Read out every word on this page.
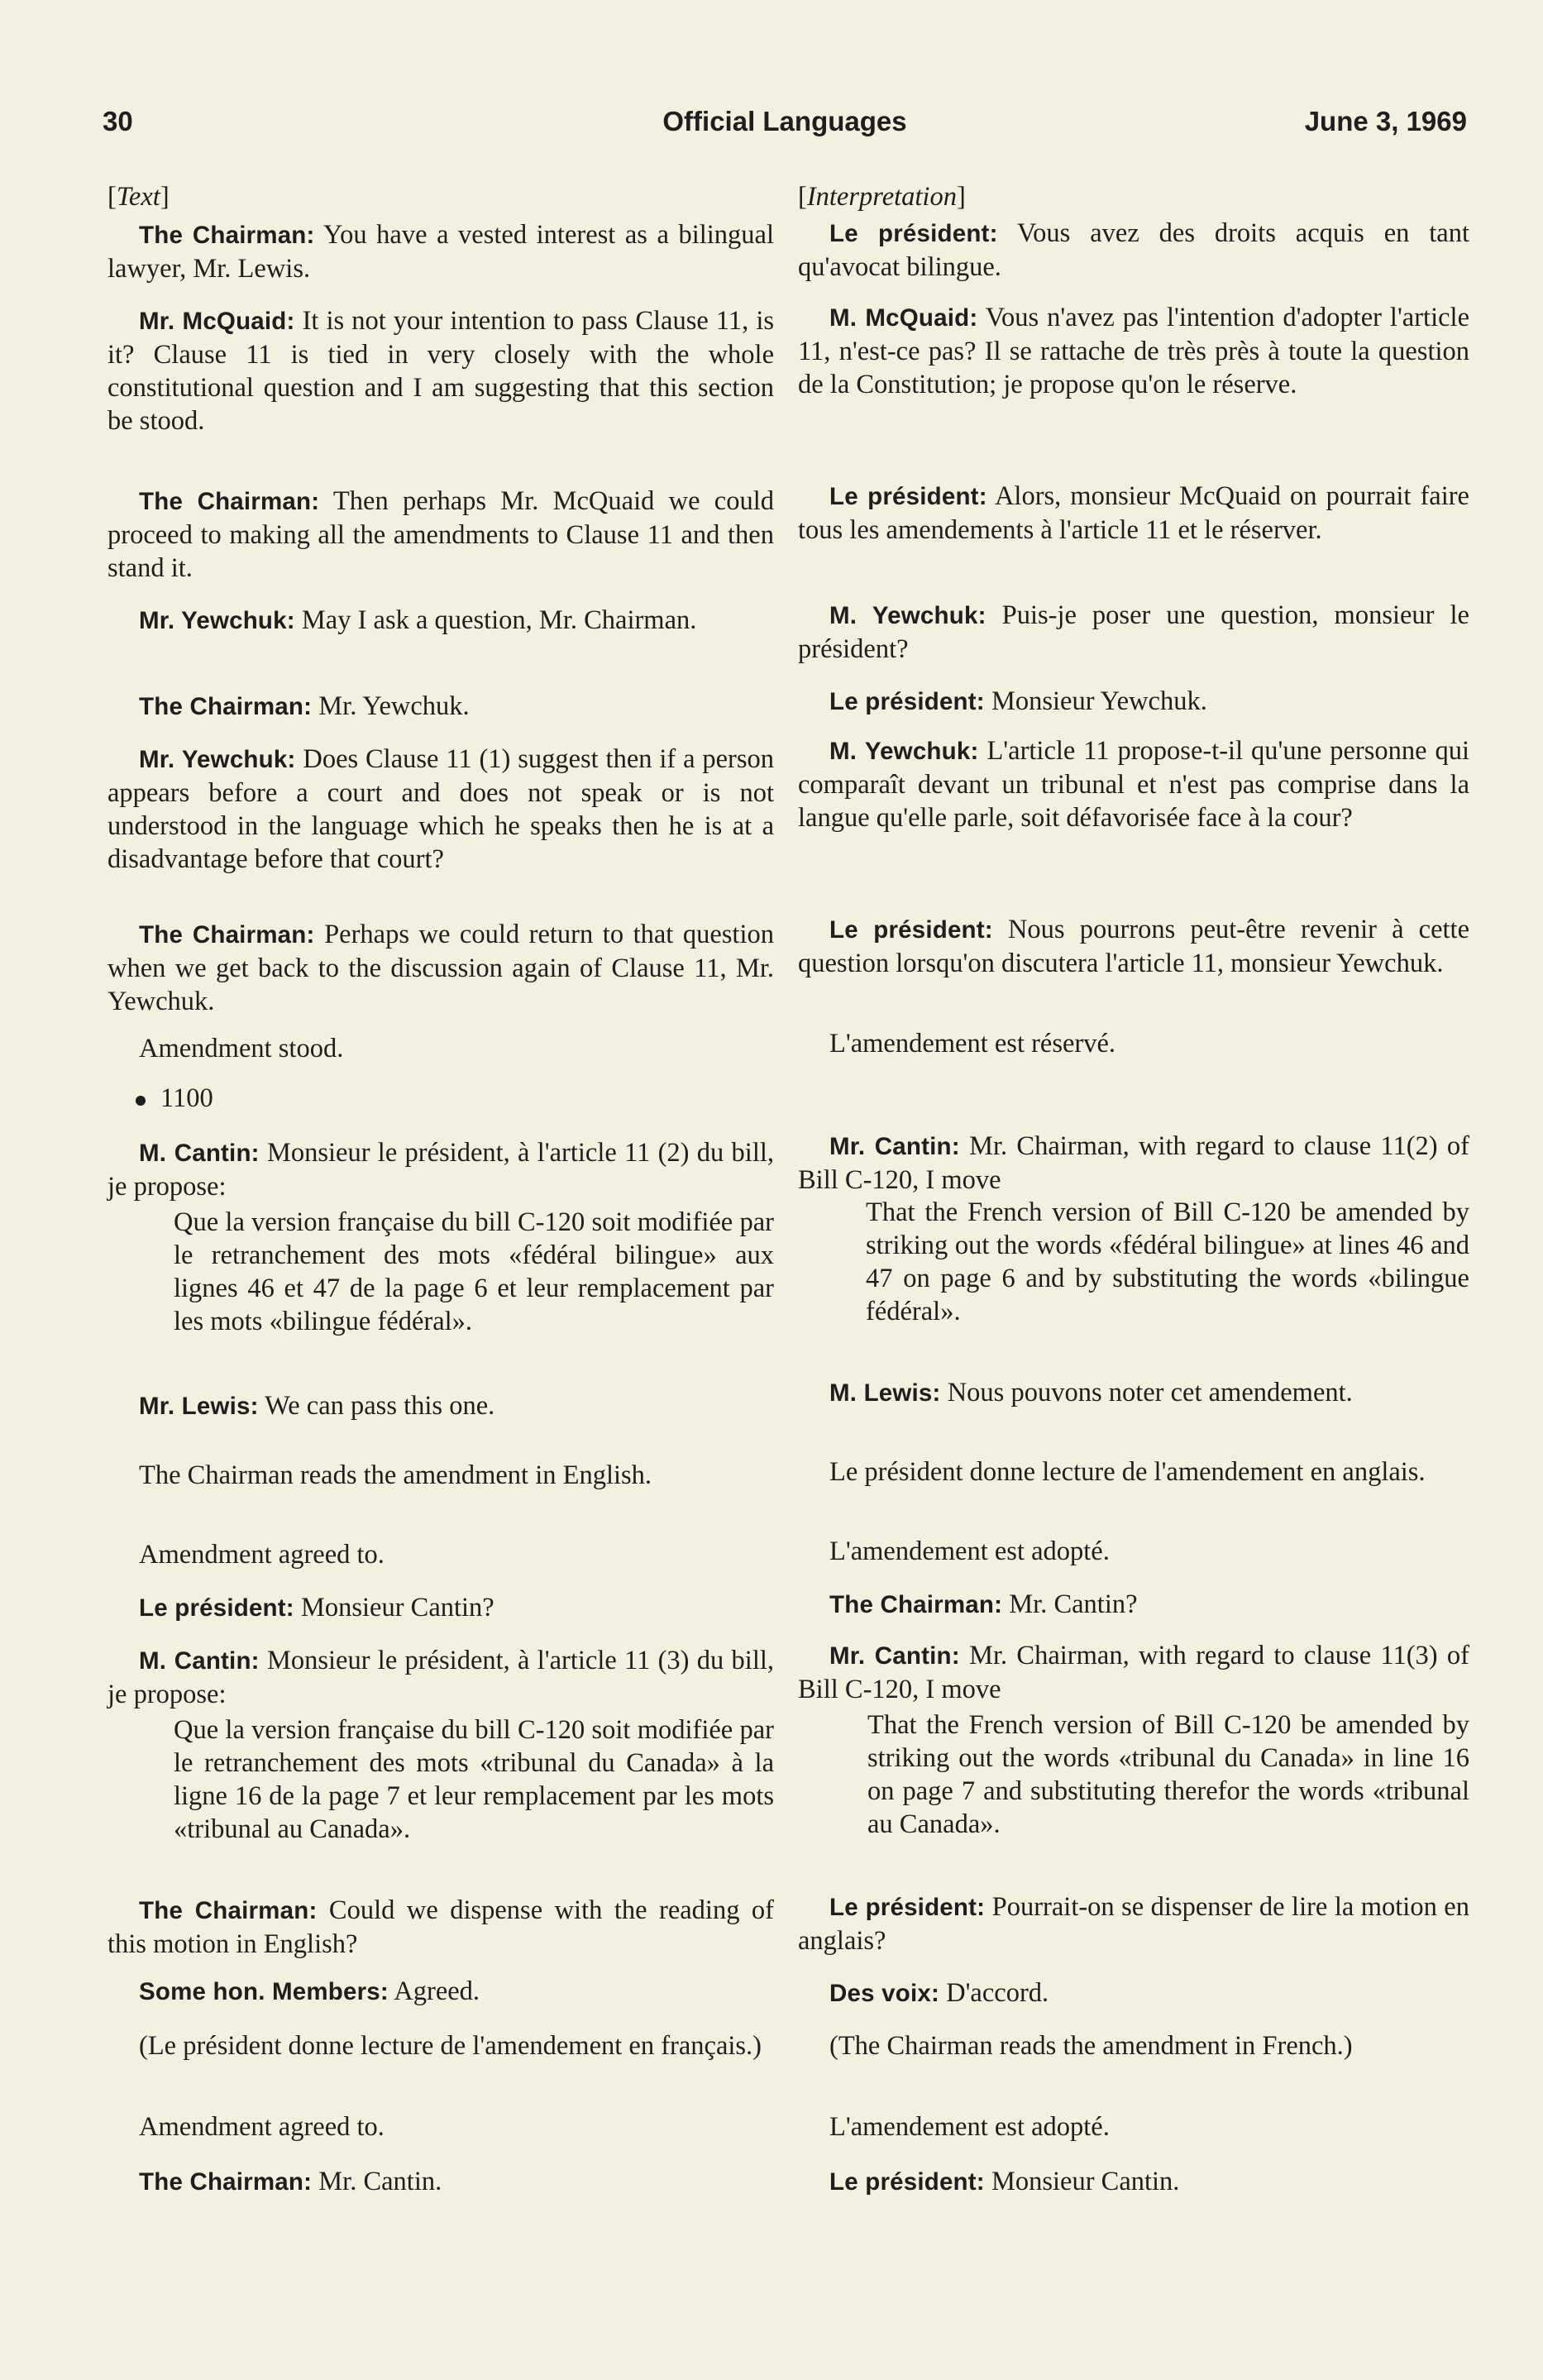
30	Official Languages	June 3, 1969

[Text]

The Chairman: You have a vested interest as a bilingual lawyer, Mr. Lewis.

Mr. McQuaid: It is not your intention to pass Clause 11, is it? Clause 11 is tied in very closely with the whole constitutional question and I am suggesting that this section be stood.

The Chairman: Then perhaps Mr. McQuaid we could proceed to making all the amendments to Clause 11 and then stand it.

Mr. Yewchuk: May I ask a question, Mr. Chairman.

The Chairman: Mr. Yewchuk.

Mr. Yewchuk: Does Clause 11 (1) suggest then if a person appears before a court and does not speak or is not understood in the language which he speaks then he is at a disadvantage before that court?

The Chairman: Perhaps we could return to that question when we get back to the discussion again of Clause 11, Mr. Yewchuk.

Amendment stood.

1100

M. Cantin: Monsieur le président, à l'article 11 (2) du bill, je propose:

Que la version française du bill C-120 soit modifiée par le retranchement des mots «fédéral bilingue» aux lignes 46 et 47 de la page 6 et leur remplacement par les mots «bilingue fédéral».

Mr. Lewis: We can pass this one.

The Chairman reads the amendment in English.

Amendment agreed to.

Le président: Monsieur Cantin?

M. Cantin: Monsieur le président, à l'article 11 (3) du bill, je propose:

Que la version française du bill C-120 soit modifiée par le retranchement des mots «tribunal du Canada» à la ligne 16 de la page 7 et leur remplacement par les mots «tribunal au Canada».

The Chairman: Could we dispense with the reading of this motion in English?

Some hon. Members: Agreed.

(Le président donne lecture de l'amendement en français.)

Amendment agreed to.

The Chairman: Mr. Cantin.

[Interpretation]

Le président: Vous avez des droits acquis en tant qu'avocat bilingue.

M. McQuaid: Vous n'avez pas l'intention d'adopter l'article 11, n'est-ce pas? Il se rattache de très près à toute la question de la Constitution; je propose qu'on le réserve.

Le président: Alors, monsieur McQuaid on pourrait faire tous les amendements à l'article 11 et le réserver.

M. Yewchuk: Puis-je poser une question, monsieur le président?

Le président: Monsieur Yewchuk.

M. Yewchuk: L'article 11 propose-t-il qu'une personne qui comparaît devant un tribunal et n'est pas comprise dans la langue qu'elle parle, soit défavorisée face à la cour?

Le président: Nous pourrons peut-être revenir à cette question lorsqu'on discutera l'article 11, monsieur Yewchuk.

L'amendement est réservé.

Mr. Cantin: Mr. Chairman, with regard to clause 11(2) of Bill C-120, I move

That the French version of Bill C-120 be amended by striking out the words «fédéral bilingue» at lines 46 and 47 on page 6 and by substituting the words «bilingue fédéral».

M. Lewis: Nous pouvons noter cet amendement.

Le président donne lecture de l'amendement en anglais.

L'amendement est adopté.

The Chairman: Mr. Cantin?

Mr. Cantin: Mr. Chairman, with regard to clause 11(3) of Bill C-120, I move

That the French version of Bill C-120 be amended by striking out the words «tribunal du Canada» in line 16 on page 7 and substituting therefor the words «tribunal au Canada».

Le président: Pourrait-on se dispenser de lire la motion en anglais?

Des voix: D'accord.

(The Chairman reads the amendment in French.)

L'amendement est adopté.

Le président: Monsieur Cantin.
